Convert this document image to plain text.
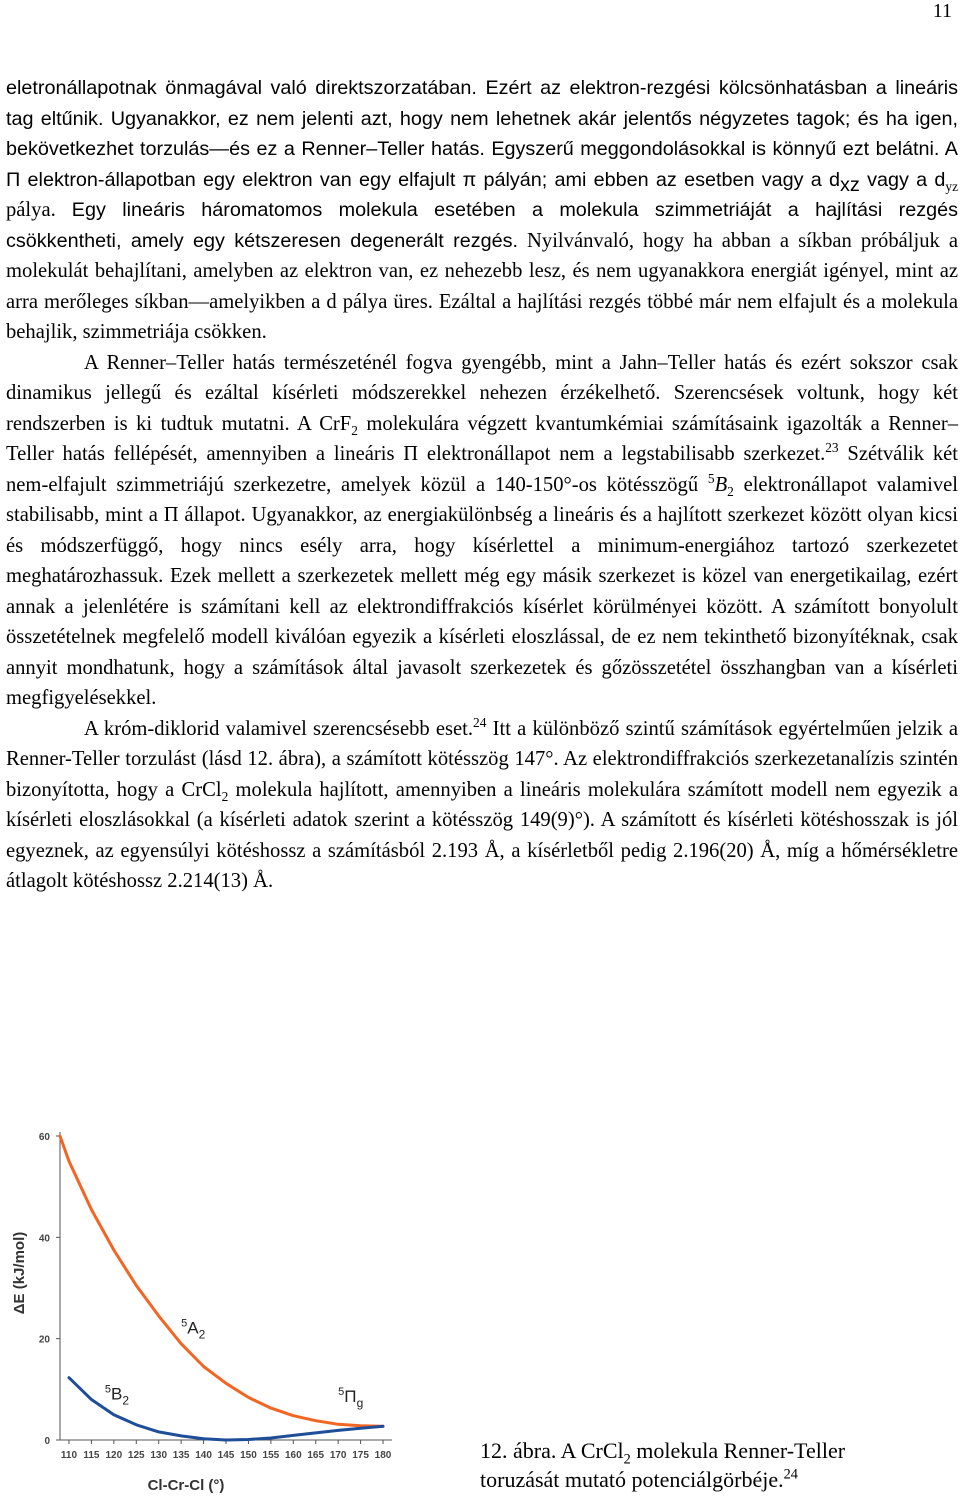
11

eletronállapotnak önmagával való direktszorzatában. Ezért az elektron-rezgési kölcsönhatásban a lineáris tag eltűnik. Ugyanakkor, ez nem jelenti azt, hogy nem lehetnek akár jelentős négyzetes tagok; és ha igen, bekövetkezhet torzulás—és ez a Renner–Teller hatás. Egyszerű meggondolásokkal is könnyű ezt belátni. A Π elektron-állapotban egy elektron van egy elfajult π pályán; ami ebben az esetben vagy a $d_{xz}$ vagy a $d_{yz}$ pálya. Egy lineáris háromatomos molekula esetében a molekula szimmetriáját a hajlítási rezgés csökkentheti, amely egy kétszeresen degenerált rezgés. Nyilvánvaló, hogy ha abban a síkban próbáljuk a molekulát behajlítani, amelyben az elektron van, ez nehezebb lesz, és nem ugyanakkora energiát igényel, mint az arra merőleges síkban—amelyikben a d pálya üres. Ezáltal a hajlítási rezgés többé már nem elfajult és a molekula behajlik, szimmetriája csökken.

A Renner–Teller hatás természeténél fogva gyengébb, mint a Jahn–Teller hatás és ezért sokszor csak dinamikus jellegű és ezáltal kísérleti módszerekkel nehezen érzékelhető. Szerencsések voltunk, hogy két rendszerben is ki tudtuk mutatni. A CrF$_2$ molekulára végzett kvantumkémiai számításaink igazolták a Renner–Teller hatás fellépését, amennyiben a lineáris Π elektronállapot nem a legstabilisabb szerkezet.$^{23}$ Szétválik két nem-elfajult szimmetriájú szerkezetre, amelyek közül a 140-150°-os kötésszögű $^5B_2$ elektronállapot valamivel stabilisabb, mint a Π állapot. Ugyanakkor, az energiakülönbség a lineáris és a hajlított szerkezet között olyan kicsi és módszerfüggő, hogy nincs esély arra, hogy kísérlettel a minimum-energiához tartozó szerkezetet meghatározhassuk. Ezek mellett a szerkezetek mellett még egy másik szerkezet is közel van energetikailag, ezért annak a jelenlétére is számítani kell az elektrondiffrakciós kísérlet körülményei között. A számított bonyolult összetételnek megfelelő modell kiválóan egyezik a kísérleti eloszlással, de ez nem tekinthető bizonyítéknak, csak annyit mondhatunk, hogy a számítások által javasolt szerkezetek és gőzösszetétel összhangban van a kísérleti megfigyelésekkel.

A króm-diklorid valamivel szerencsésebb eset.$^{24}$ Itt a különböző szintű számítások egyértelműen jelzik a Renner-Teller torzulást (lásd 12. ábra), a számított kötésszög 147°. Az elektrondiffrakciós szerkezetanalízis szintén bizonyította, hogy a CrCl$_2$ molekula hajlított, amennyiben a lineáris molekulára számított modell nem egyezik a kísérleti eloszlásokkal (a kísérleti adatok szerint a kötésszög 149(9)°). A számított és kísérleti kötéshosszak is jól egyeznek, az egyensúlyi kötéshossz a számításból 2.193 Å, a kísérletből pedig 2.196(20) Å, míg a hőmérsékletre átlagolt kötéshossz 2.214(13) Å.

0
20
40
60
110 115 120 125 130 135 140 145 150 155 160 165 170 175 180
Cl-Cr-Cl (°)
ΔE (kJ/mol)
$^5A_2$
$^5B_2$
$^5\Pi_g$
12. ábra. A CrCl$_2$ molekula Renner-Teller
toruzását mutató potenciálgörbéje.$^{24}$
